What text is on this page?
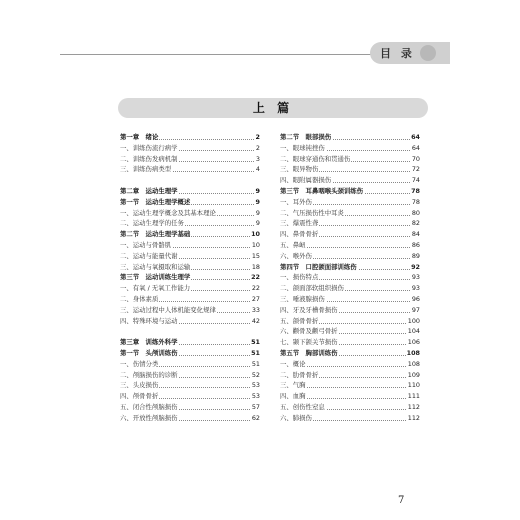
目 录
上 篇
第一章　绪论	2
一、训练伤流行病学	2
二、训练伤发病机制	3
三、训练伤病类型	4
第二章　运动生理学	9
第一节　运动生理学概述	9
一、运动生理学概念及其基本理论	9
二、运动生理学的任务	9
第二节　运动生理学基础	10
一、运动与骨骼肌	10
二、运动与能量代谢	15
三、运动与氧摄取和运输	18
第三节　运动训练生理学	22
一、有氧 / 无氧工作能力	22
二、身体素质	27
三、运动过程中人体机能变化规律	33
四、特殊环境与运动	42
第三章　训练外科学	51
第一节　头颅训练伤	51
一、伤情分类	51
二、颅脑损伤的诊断	52
三、头皮损伤	53
四、颅骨骨折	53
五、闭合性颅脑损伤	57
六、开放性颅脑损伤	62
第二节　眼部损伤	64
一、眼球钝挫伤	64
二、眼球穿通伤和贯通伤	70
三、眼异物伤	72
四、眼附属器损伤	74
第三节　耳鼻咽喉头颈训练伤	78
一、耳外伤	78
二、气压损伤性中耳炎	80
三、爆震性聋	82
四、鼻骨骨折	84
五、鼻衄	86
六、喉外伤	89
第四节　口腔颌面部训练伤	92
一、损伤特点	93
二、颌面部软组织损伤	93
三、唾液腺损伤	96
四、牙及牙槽骨损伤	97
五、颌骨骨折	100
六、颧骨及颧弓骨折	104
七、颞下颌关节损伤	106
第五节　胸部训练伤	108
一、概论	108
二、肋骨骨折	109
三、气胸	110
四、血胸	111
五、创伤性窒息	112
六、肺损伤	112
7
